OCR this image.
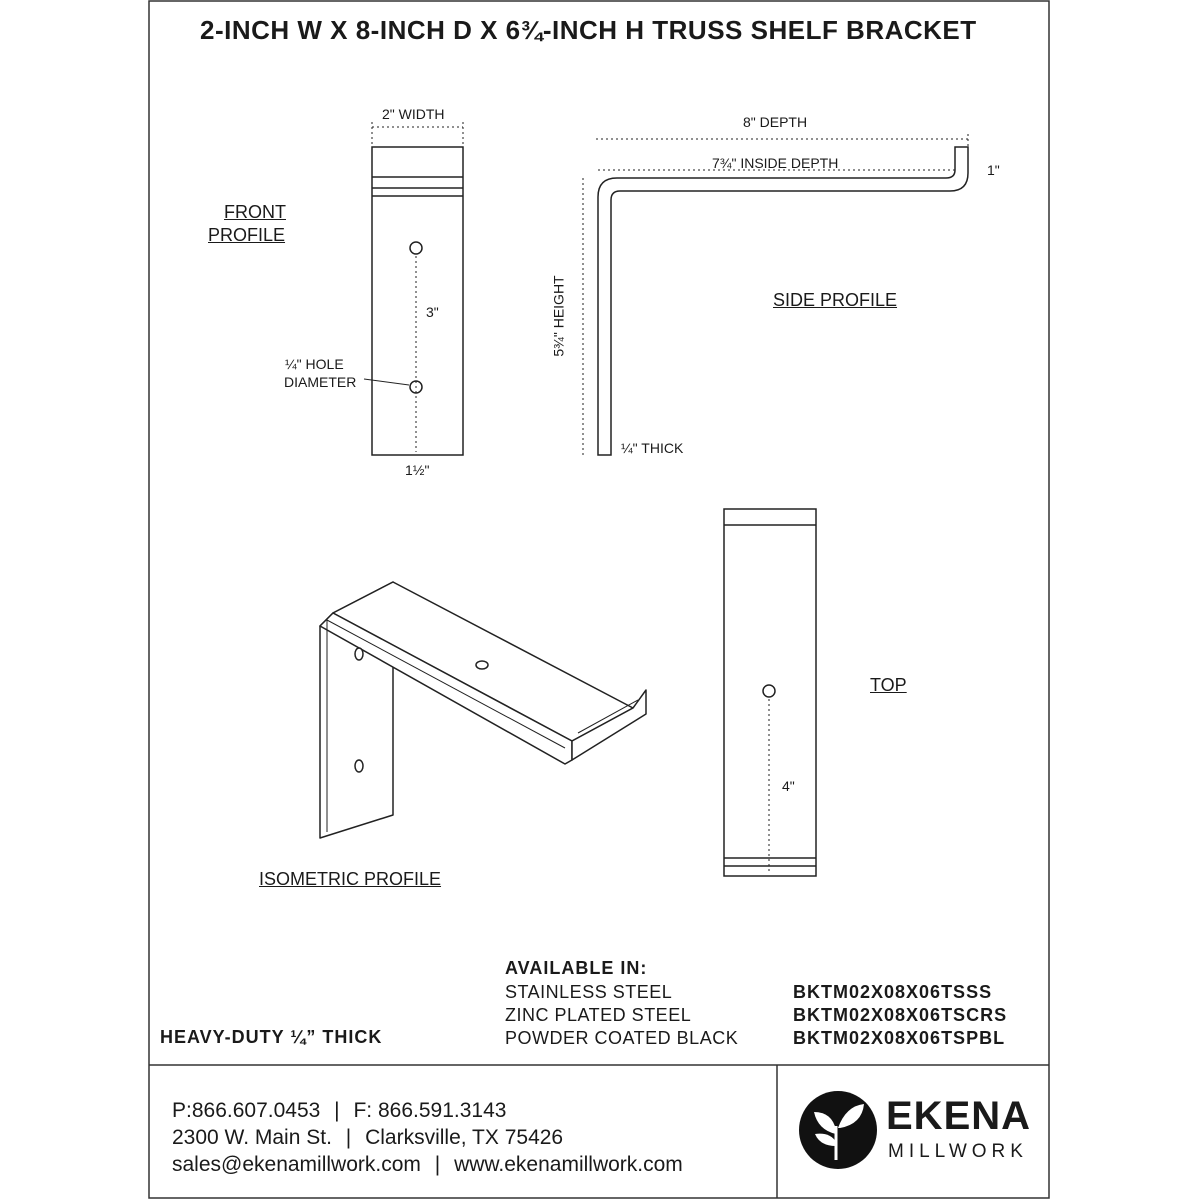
2-INCH W X 8-INCH D X 6¾-INCH H TRUSS SHELF BRACKET
FRONT
PROFILE
2" WIDTH
3"
¼" HOLE
DIAMETER
1½"
8" DEPTH
7¾" INSIDE DEPTH	1"
5¾" HEIGHT
¼" THICK
SIDE PROFILE
ISOMETRIC PROFILE
TOP
4"
AVAILABLE IN:
STAINLESS STEEL
ZINC PLATED STEEL
POWDER COATED BLACK
BKTM02X08X06TSSS
BKTM02X08X06TSCRS
BKTM02X08X06TSPBL
HEAVY-DUTY ¼” THICK
P:866.607.0453 | F: 866.591.3143
2300 W. Main St. | Clarksville, TX 75426
sales@ekenamillwork.com | www.ekenamillwork.com
EKENA
MILLWORK
